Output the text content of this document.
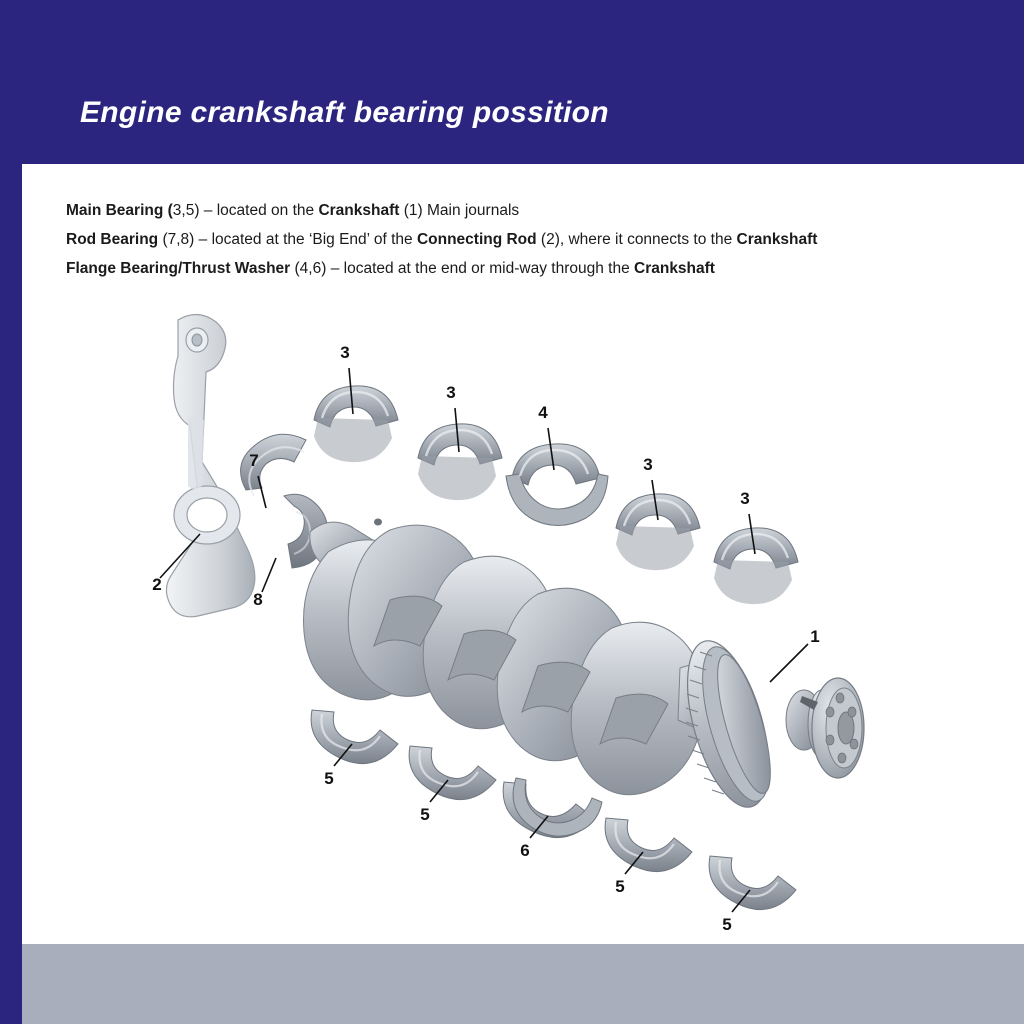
Engine crankshaft bearing possition
Main Bearing (3,5) – located on the Crankshaft (1) Main journals
Rod Bearing (7,8) – located at the ‘Big End’ of the Connecting Rod (2), where it connects to the Crankshaft
Flange Bearing/Thrust Washer (4,6) – located at the end or mid-way through the Crankshaft
2
7
8
3
3
4
3
3
1
5
5
6
5
5
